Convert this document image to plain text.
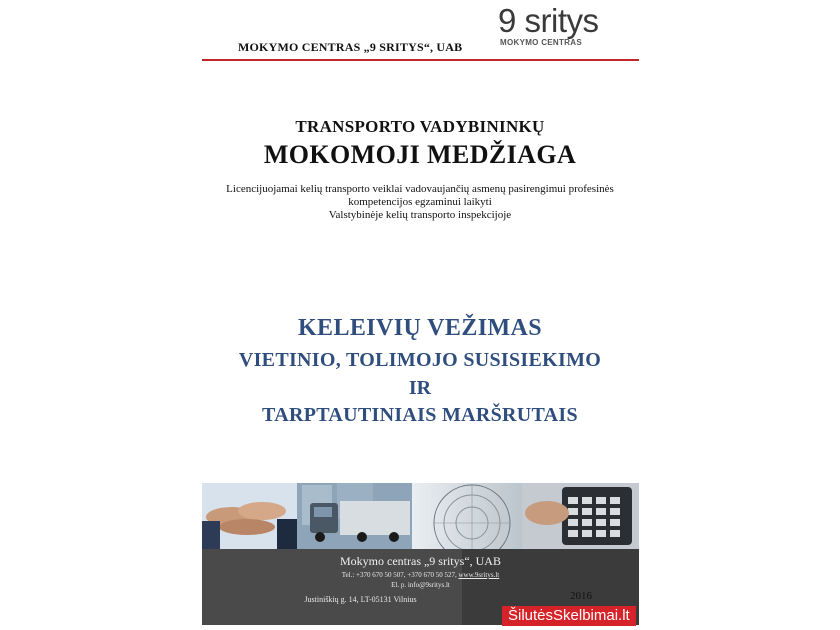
MOKYMO CENTRAS „9 SRITYS“, UAB
9 sritys
MOKYMO CENTRAS
TRANSPORTO VADYBININKŲ
MOKOMOJI MEDŽIAGA
Licencijuojamai kelių transporto veiklai vadovaujančių asmenų pasirengimui profesinės
kompetencijos egzaminui laikyti
Valstybinėje kelių transporto inspekcijoje
KELEIVIŲ VEŽIMAS
VIETINIO, TOLIMOJO SUSISIEKIMO
IR
TARPTAUTINIAIS MARŠRUTAIS
Mokymo centras „9 sritys“, UAB
Tel.: +370 670 50 507, +370 670 50 527, www.9sritys.lt
El. p. info@9sritys.lt
Justiniškių g. 14, LT-05131 Vilnius	2016
ŠilutėsSkelbimai.lt
